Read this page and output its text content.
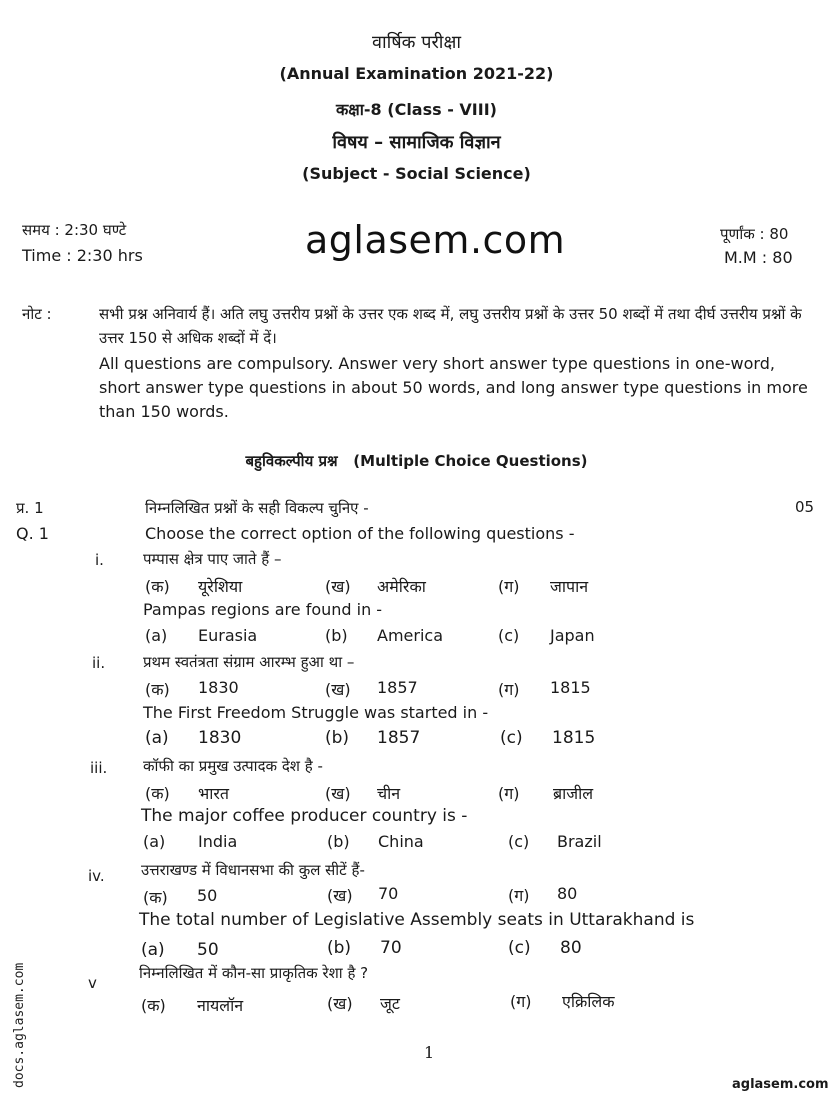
वार्षिक परीक्षा
(Annual Examination 2021-22)
कक्षा-8 (Class - VIII)
विषय – सामाजिक विज्ञान
(Subject - Social Science)
समय : 2:30 घण्टे
Time : 2:30 hrs
पूर्णांक : 80
M.M : 80
aglasem.com
नोट :	सभी प्रश्न अनिवार्य हैं। अति लघु उत्तरीय प्रश्नों के उत्तर एक शब्द में, लघु उत्तरीय प्रश्नों के उत्तर 50 शब्दों में तथा दीर्घ उत्तरीय प्रश्नों के उत्तर 150 से अधिक शब्दों में दें।
All questions are compulsory. Answer very short answer type questions in one-word, short answer type questions in about 50 words, and long answer type questions in more than 150 words.
बहुविकल्पीय प्रश्न   (Multiple Choice Questions)
प्र. 1
Q. 1
निम्नलिखित प्रश्नों के सही विकल्प चुनिए -
Choose the correct option of the following questions -
05
i.	पम्पास क्षेत्र पाए जाते हैं –
(क) यूरेशिया	(ख) अमेरिका	(ग) जापान
Pampas regions are found in -
(a) Eurasia	(b) America	(c) Japan
ii.	प्रथम स्वतंत्रता संग्राम आरम्भ हुआ था –
(क) 1830	(ख) 1857	(ग) 1815
The First Freedom Struggle was started in -
(a) 1830	(b) 1857	(c) 1815
iii. कॉफी का प्रमुख उत्पादक देश है -
(क) भारत	(ख) चीन	(ग) ब्राजील
The major coffee producer country is -
(a) India	(b) China	(c) Brazil
iv. उत्तराखण्ड में विधानसभा की कुल सीटें हैं-
(क) 50	(ख) 70	(ग) 80
The total number of Legislative Assembly seats in Uttarakhand is
(a) 50	(b) 70	(c) 80
v
निम्नलिखित में कौन-सा प्राकृतिक रेशा है ?
(क) नायलॉन	(ख) जूट	(ग) एक्रिलिक
1
docs.aglasem.com	aglasem.com
